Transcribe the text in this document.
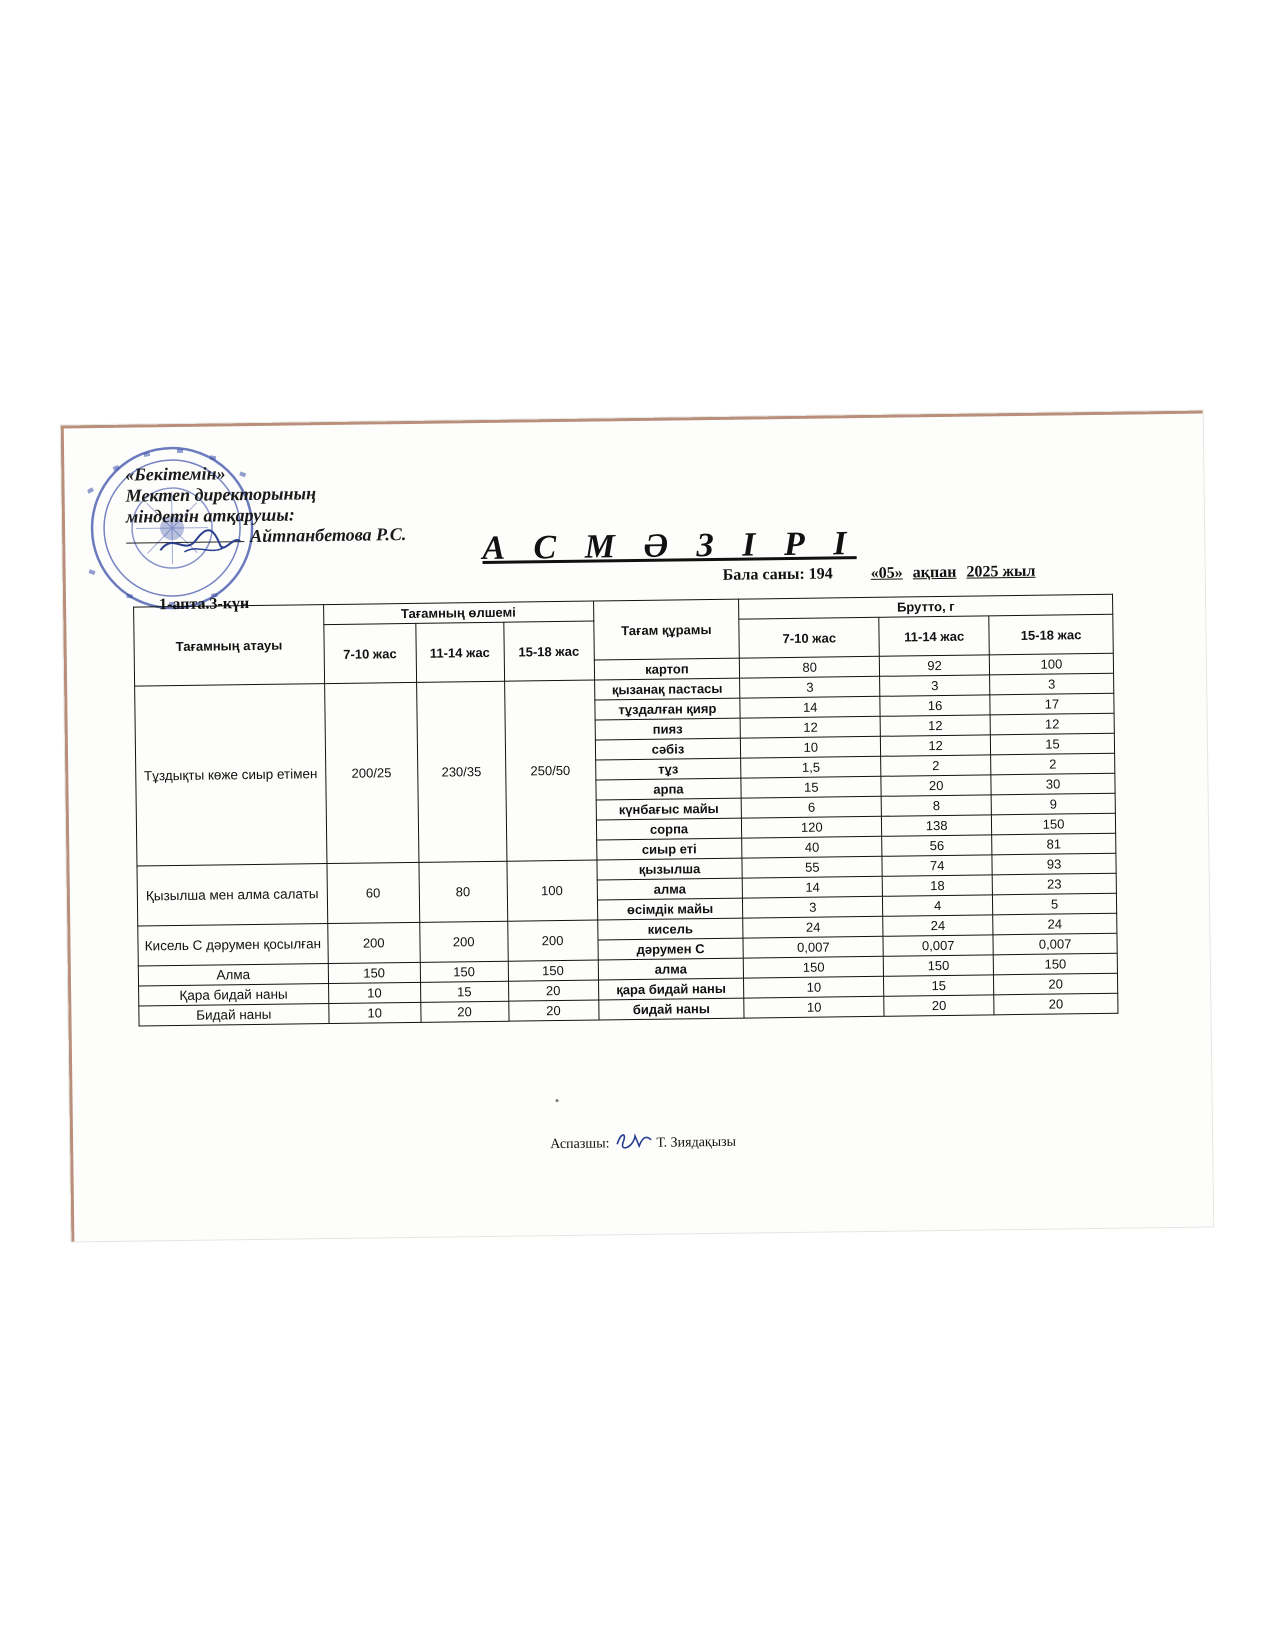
«Бекітемін»
Мектеп директорының
міндетін атқарушы:
Айтпанбетова Р.С. А С М Ә З І Р І
Бала саны: 194 «05» ақпан 2025 жыл
1-апта.3-күн
Тағамның атауы	Тағамның өлшемі			Тағам құрамы	Брутто, г		
	7-10 жас	11-14 жас	15-18 жас		7-10 жас	11-14 жас	15-18 жас
				картоп	80	92	100
Тұздықты көже сиыр етімен	200/25	230/35	250/50	қызанақ пастасы	3	3	3
				тұздалған қияр	14	16	17
				пияз	12	12	12
				сәбіз	10	12	15
				тұз	1,5	2	2
				арпа	15	20	30
				күнбағыс майы	6	8	9
				сорпа	120	138	150
				сиыр еті	40	56	81
Қызылша мен алма салаты	60	80	100	қызылша	55	74	93
				алма	14	18	23
				өсімдік майы	3	4	5
Кисель С дәрумен қосылған	200	200	200	кисель	24	24	24
				дәрумен С	0,007	0,007	0,007
Алма	150	150	150	алма	150	150	150
Қара бидай наны	10	15	20	қара бидай наны	10	15	20
Бидай наны	10	20	20	бидай наны	10	20	20
Аспазшы:	Т. Зиядақызы
